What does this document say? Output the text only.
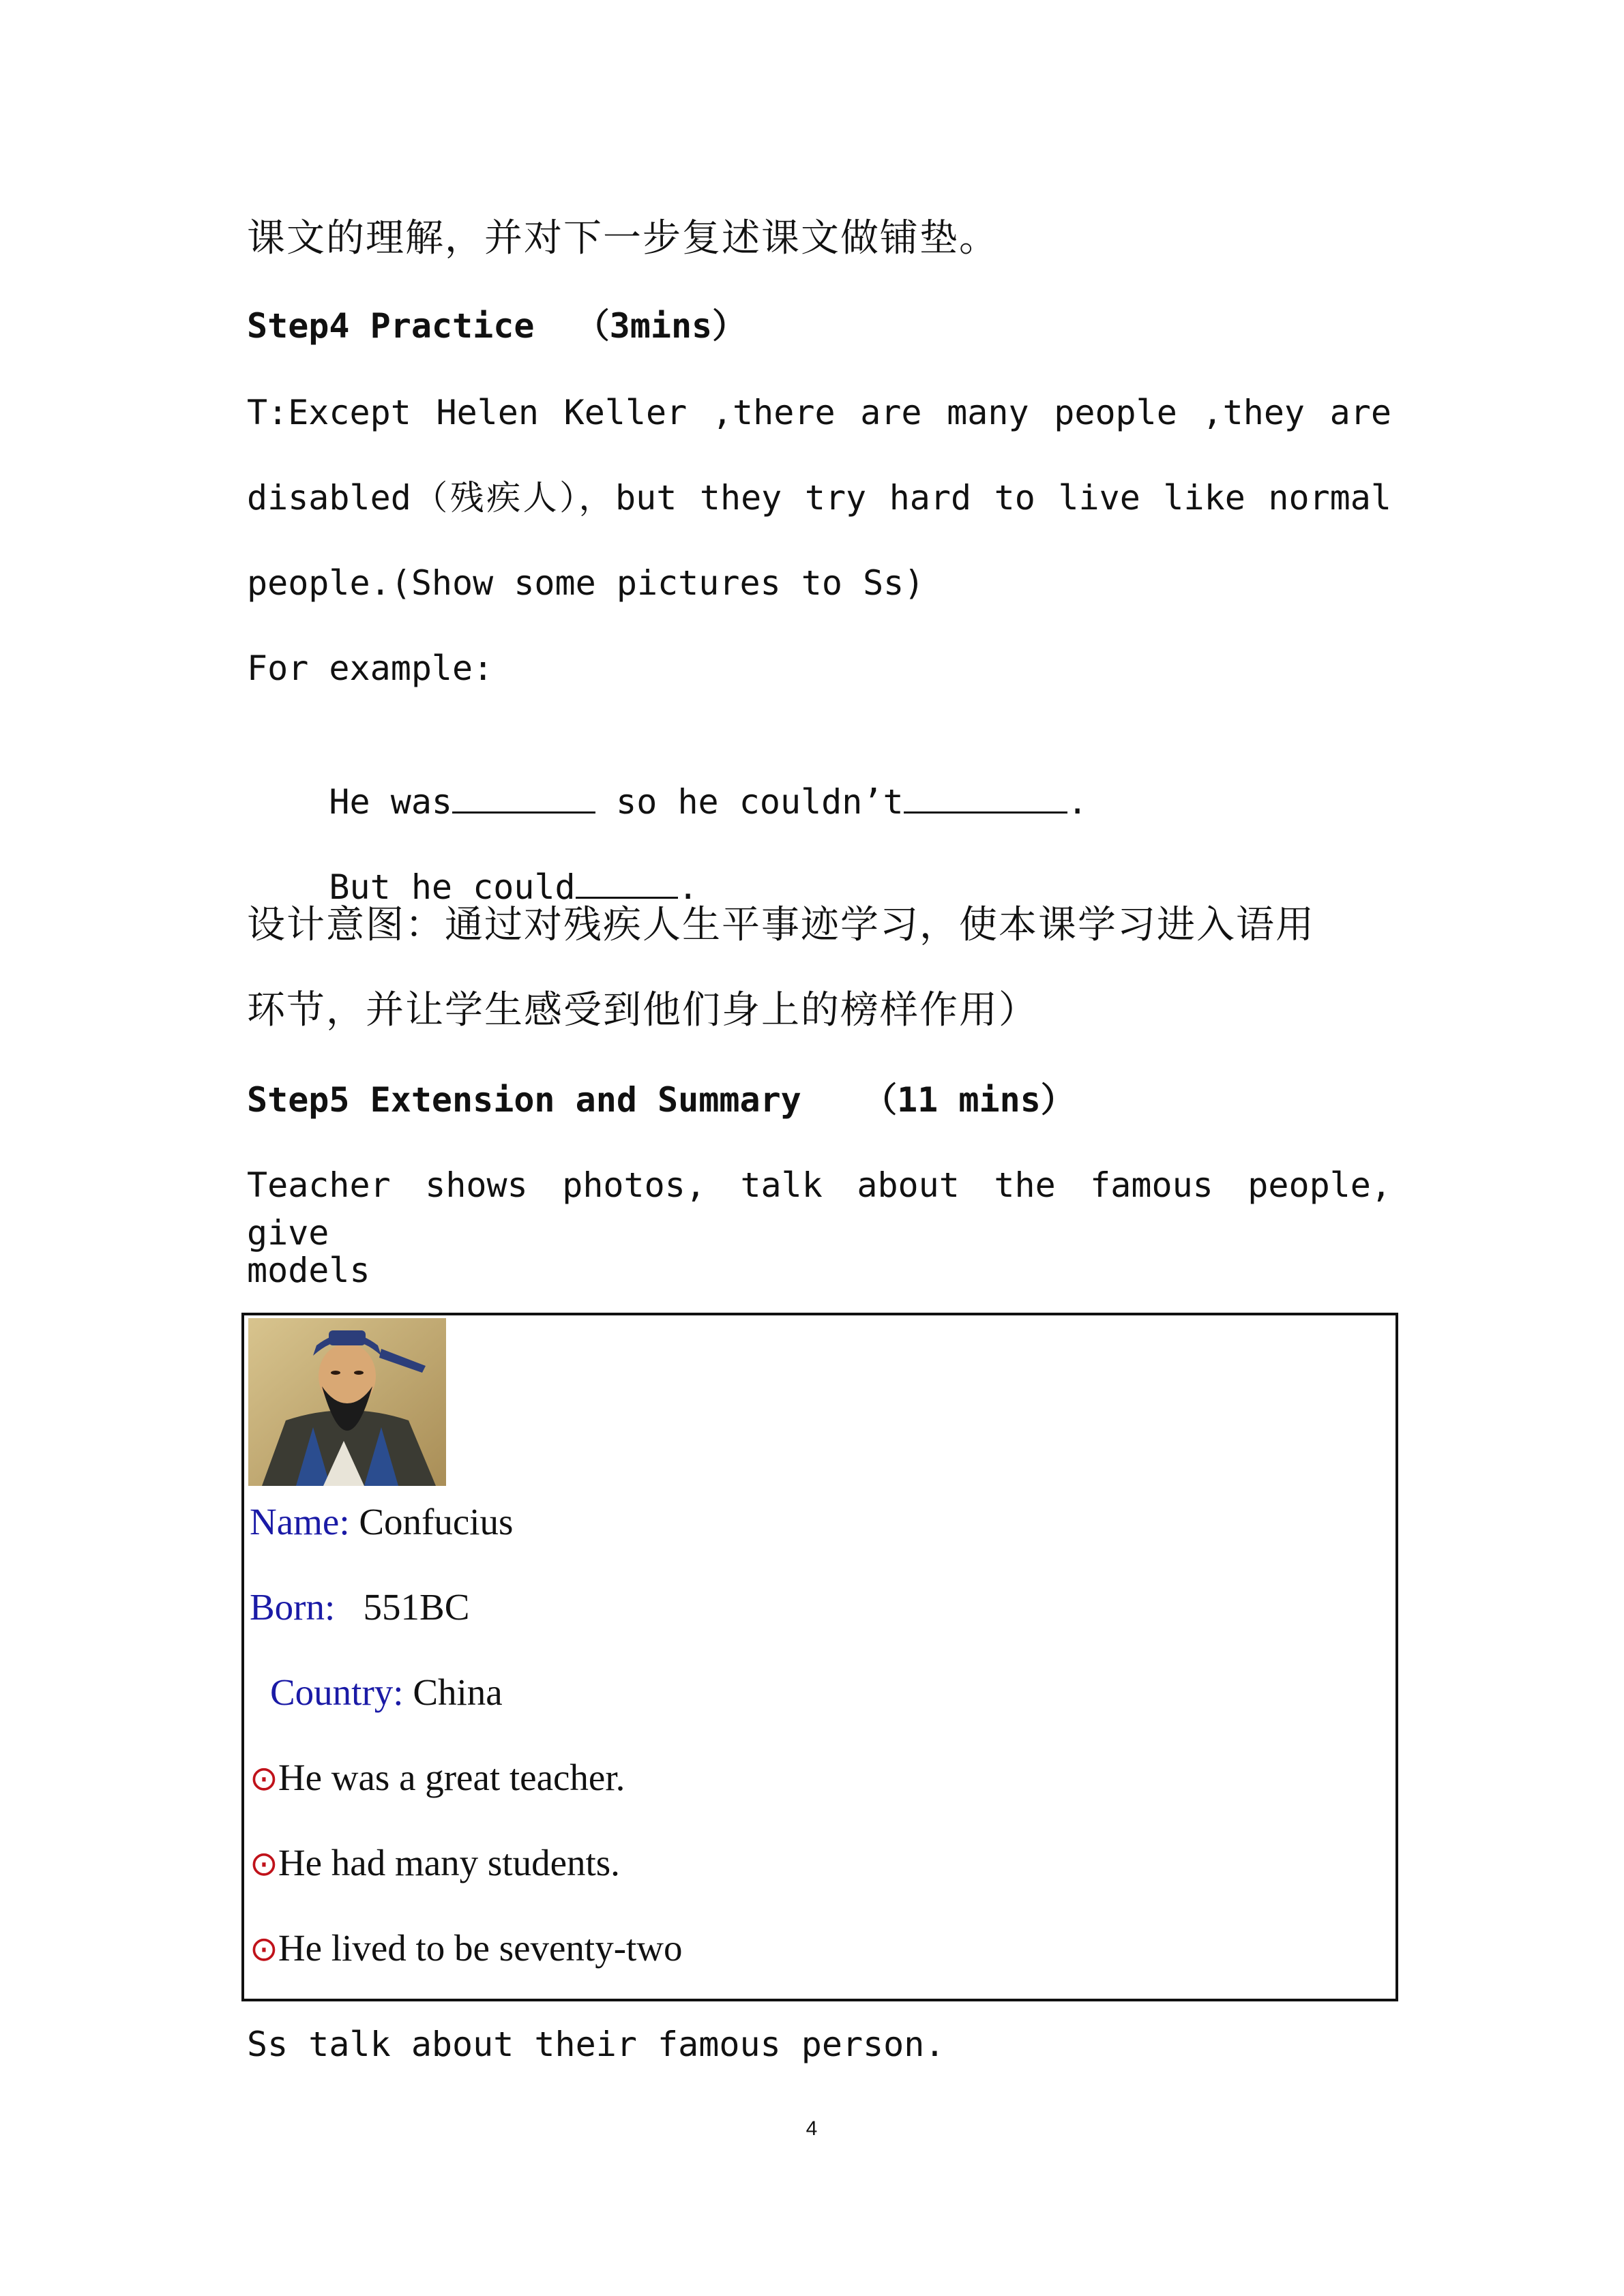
课文的理解，并对下一步复述课文做铺垫。
Step4 Practice  （3mins）
T:Except Helen Keller ,there are many people ,they are
disabled（残疾人），but they try hard to live like normal
people.(Show some pictures to Ss)
For example:

He was	so he couldn’t	.

But he could	.

设计意图：通过对残疾人生平事迹学习，使本课学习进入语用
环节，并让学生感受到他们身上的榜样作用）
Step5 Extension and Summary   （11 mins）
Teacher shows photos, talk about the famous people, give
models
Name: Confucius
Born:   551BC
Country: China
⊙He was a great teacher.
⊙He had many students.
⊙He lived to be seventy-two
Ss talk about their famous person.
4
